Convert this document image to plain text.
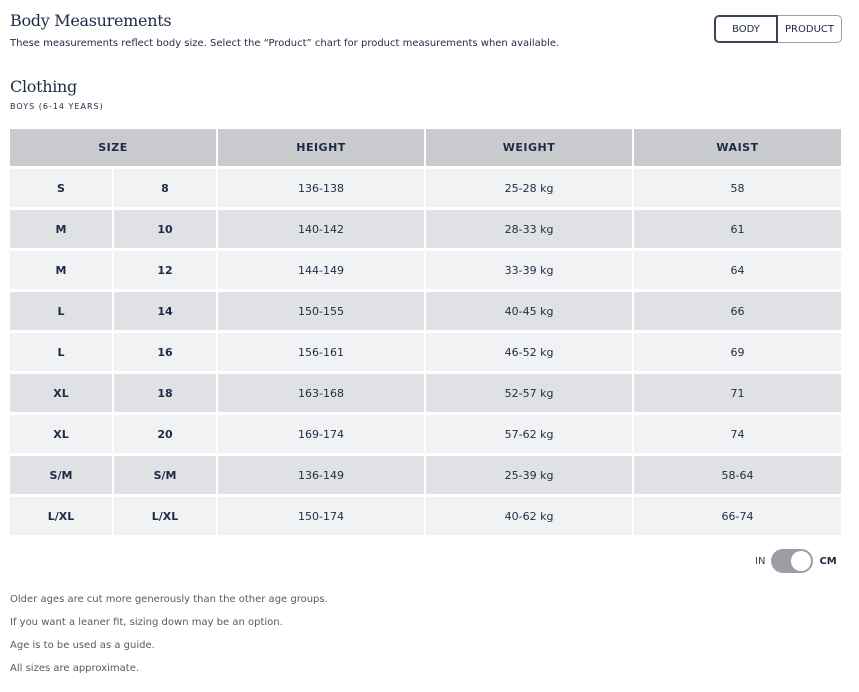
Body Measurements

These measurements reflect body size. Select the “Product” chart for product measurements when available.

BODY	PRODUCT
Clothing

BOYS (6-14 YEARS)

SIZE		HEIGHT	WEIGHT	WAIST
S	8	136-138	25-28 kg	58
M	10	140-142	28-33 kg	61
M	12	144-149	33-39 kg	64
L	14	150-155	40-45 kg	66
L	16	156-161	46-52 kg	69
XL	18	163-168	52-57 kg	71
XL	20	169-174	57-62 kg	74
S/M	S/M	136-149	25-39 kg	58-64
L/XL	L/XL	150-174	40-62 kg	66-74
IN	CM
Older ages are cut more generously than the other age groups.
If you want a leaner fit, sizing down may be an option.
Age is to be used as a guide.
All sizes are approximate.
